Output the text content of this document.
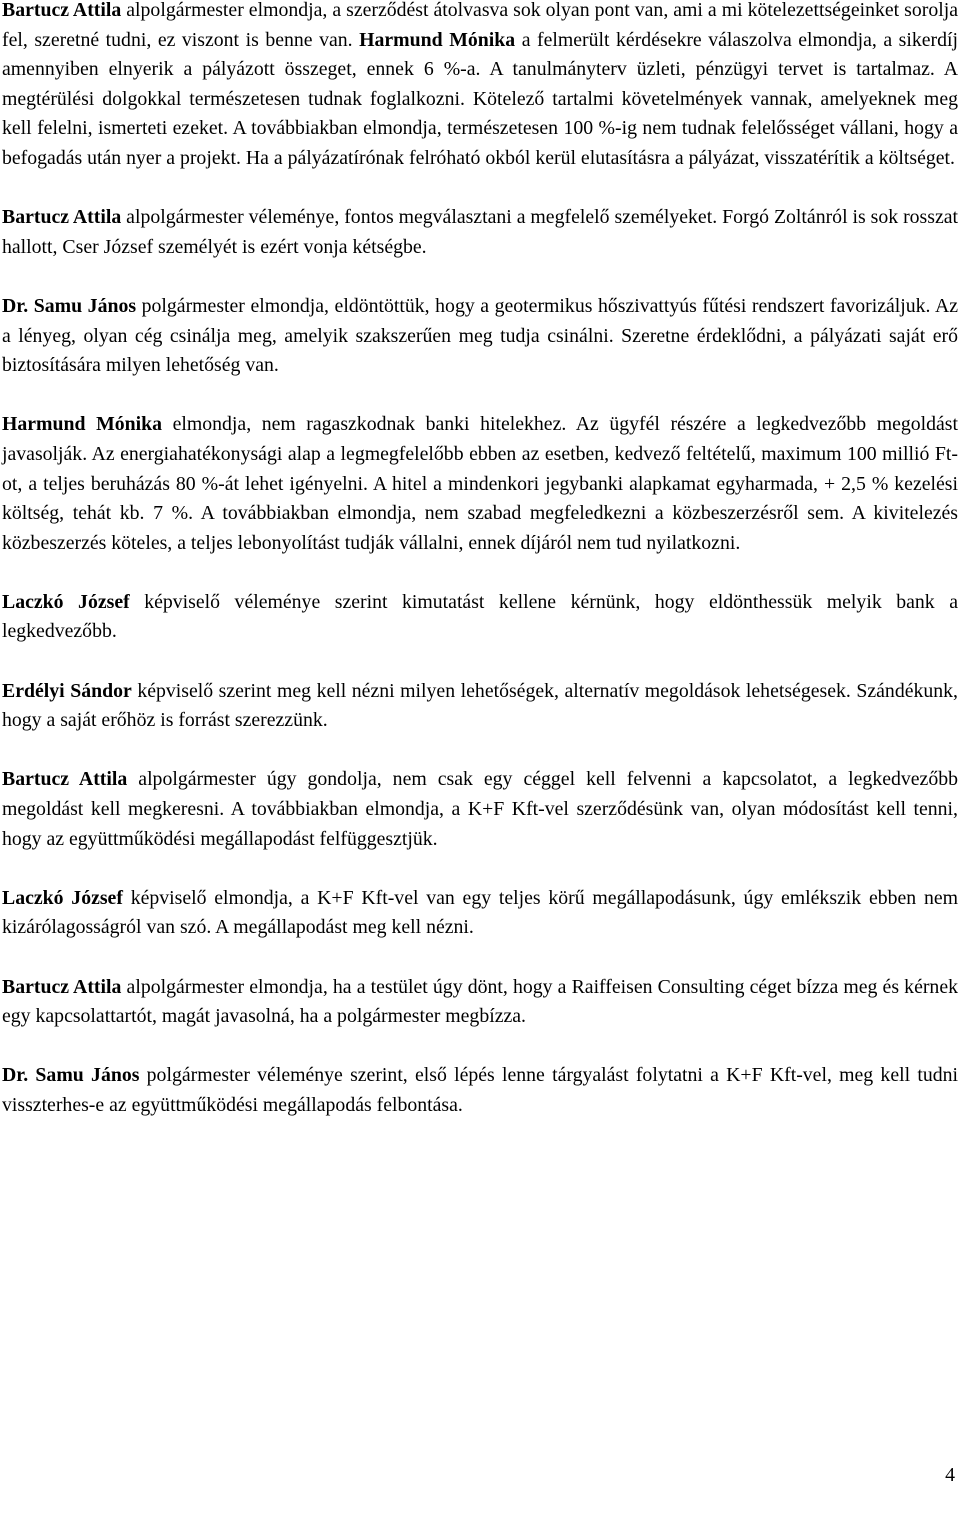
Bartucz Attila alpolgármester elmondja, a szerződést átolvasva sok olyan pont van, ami a mi kötelezettségeinket sorolja fel, szeretné tudni, ez viszont is benne van. Harmund Mónika a felmerült kérdésekre válaszolva elmondja, a sikerdíj amennyiben elnyerik a pályázott összeget, ennek 6 %-a. A tanulmányterv üzleti, pénzügyi tervet is tartalmaz. A megtérülési dolgokkal természetesen tudnak foglalkozni. Kötelező tartalmi követelmények vannak, amelyeknek meg kell felelni, ismerteti ezeket. A továbbiakban elmondja, természetesen 100 %-ig nem tudnak felelősséget vállani, hogy a befogadás után nyer a projekt. Ha a pályázatírónak felróható okból kerül elutasításra a pályázat, visszatérítik a költséget.

Bartucz Attila alpolgármester véleménye, fontos megválasztani a megfelelő személyeket. Forgó Zoltánról is sok rosszat hallott, Cser József személyét is ezért vonja kétségbe.

Dr. Samu János polgármester elmondja, eldöntöttük, hogy a geotermikus hőszivattyús fűtési rendszert favorizáljuk. Az a lényeg, olyan cég csinálja meg, amelyik szakszerűen meg tudja csinálni. Szeretne érdeklődni, a pályázati saját erő biztosítására milyen lehetőség van.

Harmund Mónika elmondja, nem ragaszkodnak banki hitelekhez. Az ügyfél részére a legkedvezőbb megoldást javasolják. Az energiahatékonysági alap a legmegfelelőbb ebben az esetben, kedvező feltételű, maximum 100 millió Ft-ot, a teljes beruházás 80 %-át lehet igényelni. A hitel a mindenkori jegybanki alapkamat egyharmada, + 2,5 % kezelési költség, tehát kb. 7 %. A továbbiakban elmondja, nem szabad megfeledkezni a közbeszerzésről sem. A kivitelezés közbeszerzés köteles, a teljes lebonyolítást tudják vállalni, ennek díjáról nem tud nyilatkozni.

Laczkó József képviselő véleménye szerint kimutatást kellene kérnünk, hogy eldönthessük melyik bank a legkedvezőbb.

Erdélyi Sándor képviselő szerint meg kell nézni milyen lehetőségek, alternatív megoldások lehetségesek. Szándékunk, hogy a saját erőhöz is forrást szerezzünk.

Bartucz Attila alpolgármester úgy gondolja, nem csak egy céggel kell felvenni a kapcsolatot, a legkedvezőbb megoldást kell megkeresni. A továbbiakban elmondja, a K+F Kft-vel szerződésünk van, olyan módosítást kell tenni, hogy az együttműködési megállapodást felfüggesztjük.

Laczkó József képviselő elmondja, a K+F Kft-vel van egy teljes körű megállapodásunk, úgy emlékszik ebben nem kizárólagosságról van szó. A megállapodást meg kell nézni.

Bartucz Attila alpolgármester elmondja, ha a testület úgy dönt, hogy a Raiffeisen Consulting céget bízza meg és kérnek egy kapcsolattartót, magát javasolná, ha a polgármester megbízza.

Dr. Samu János polgármester véleménye szerint, első lépés lenne tárgyalást folytatni a K+F Kft-vel, meg kell tudni visszterhes-e az együttműködési megállapodás felbontása.

4
